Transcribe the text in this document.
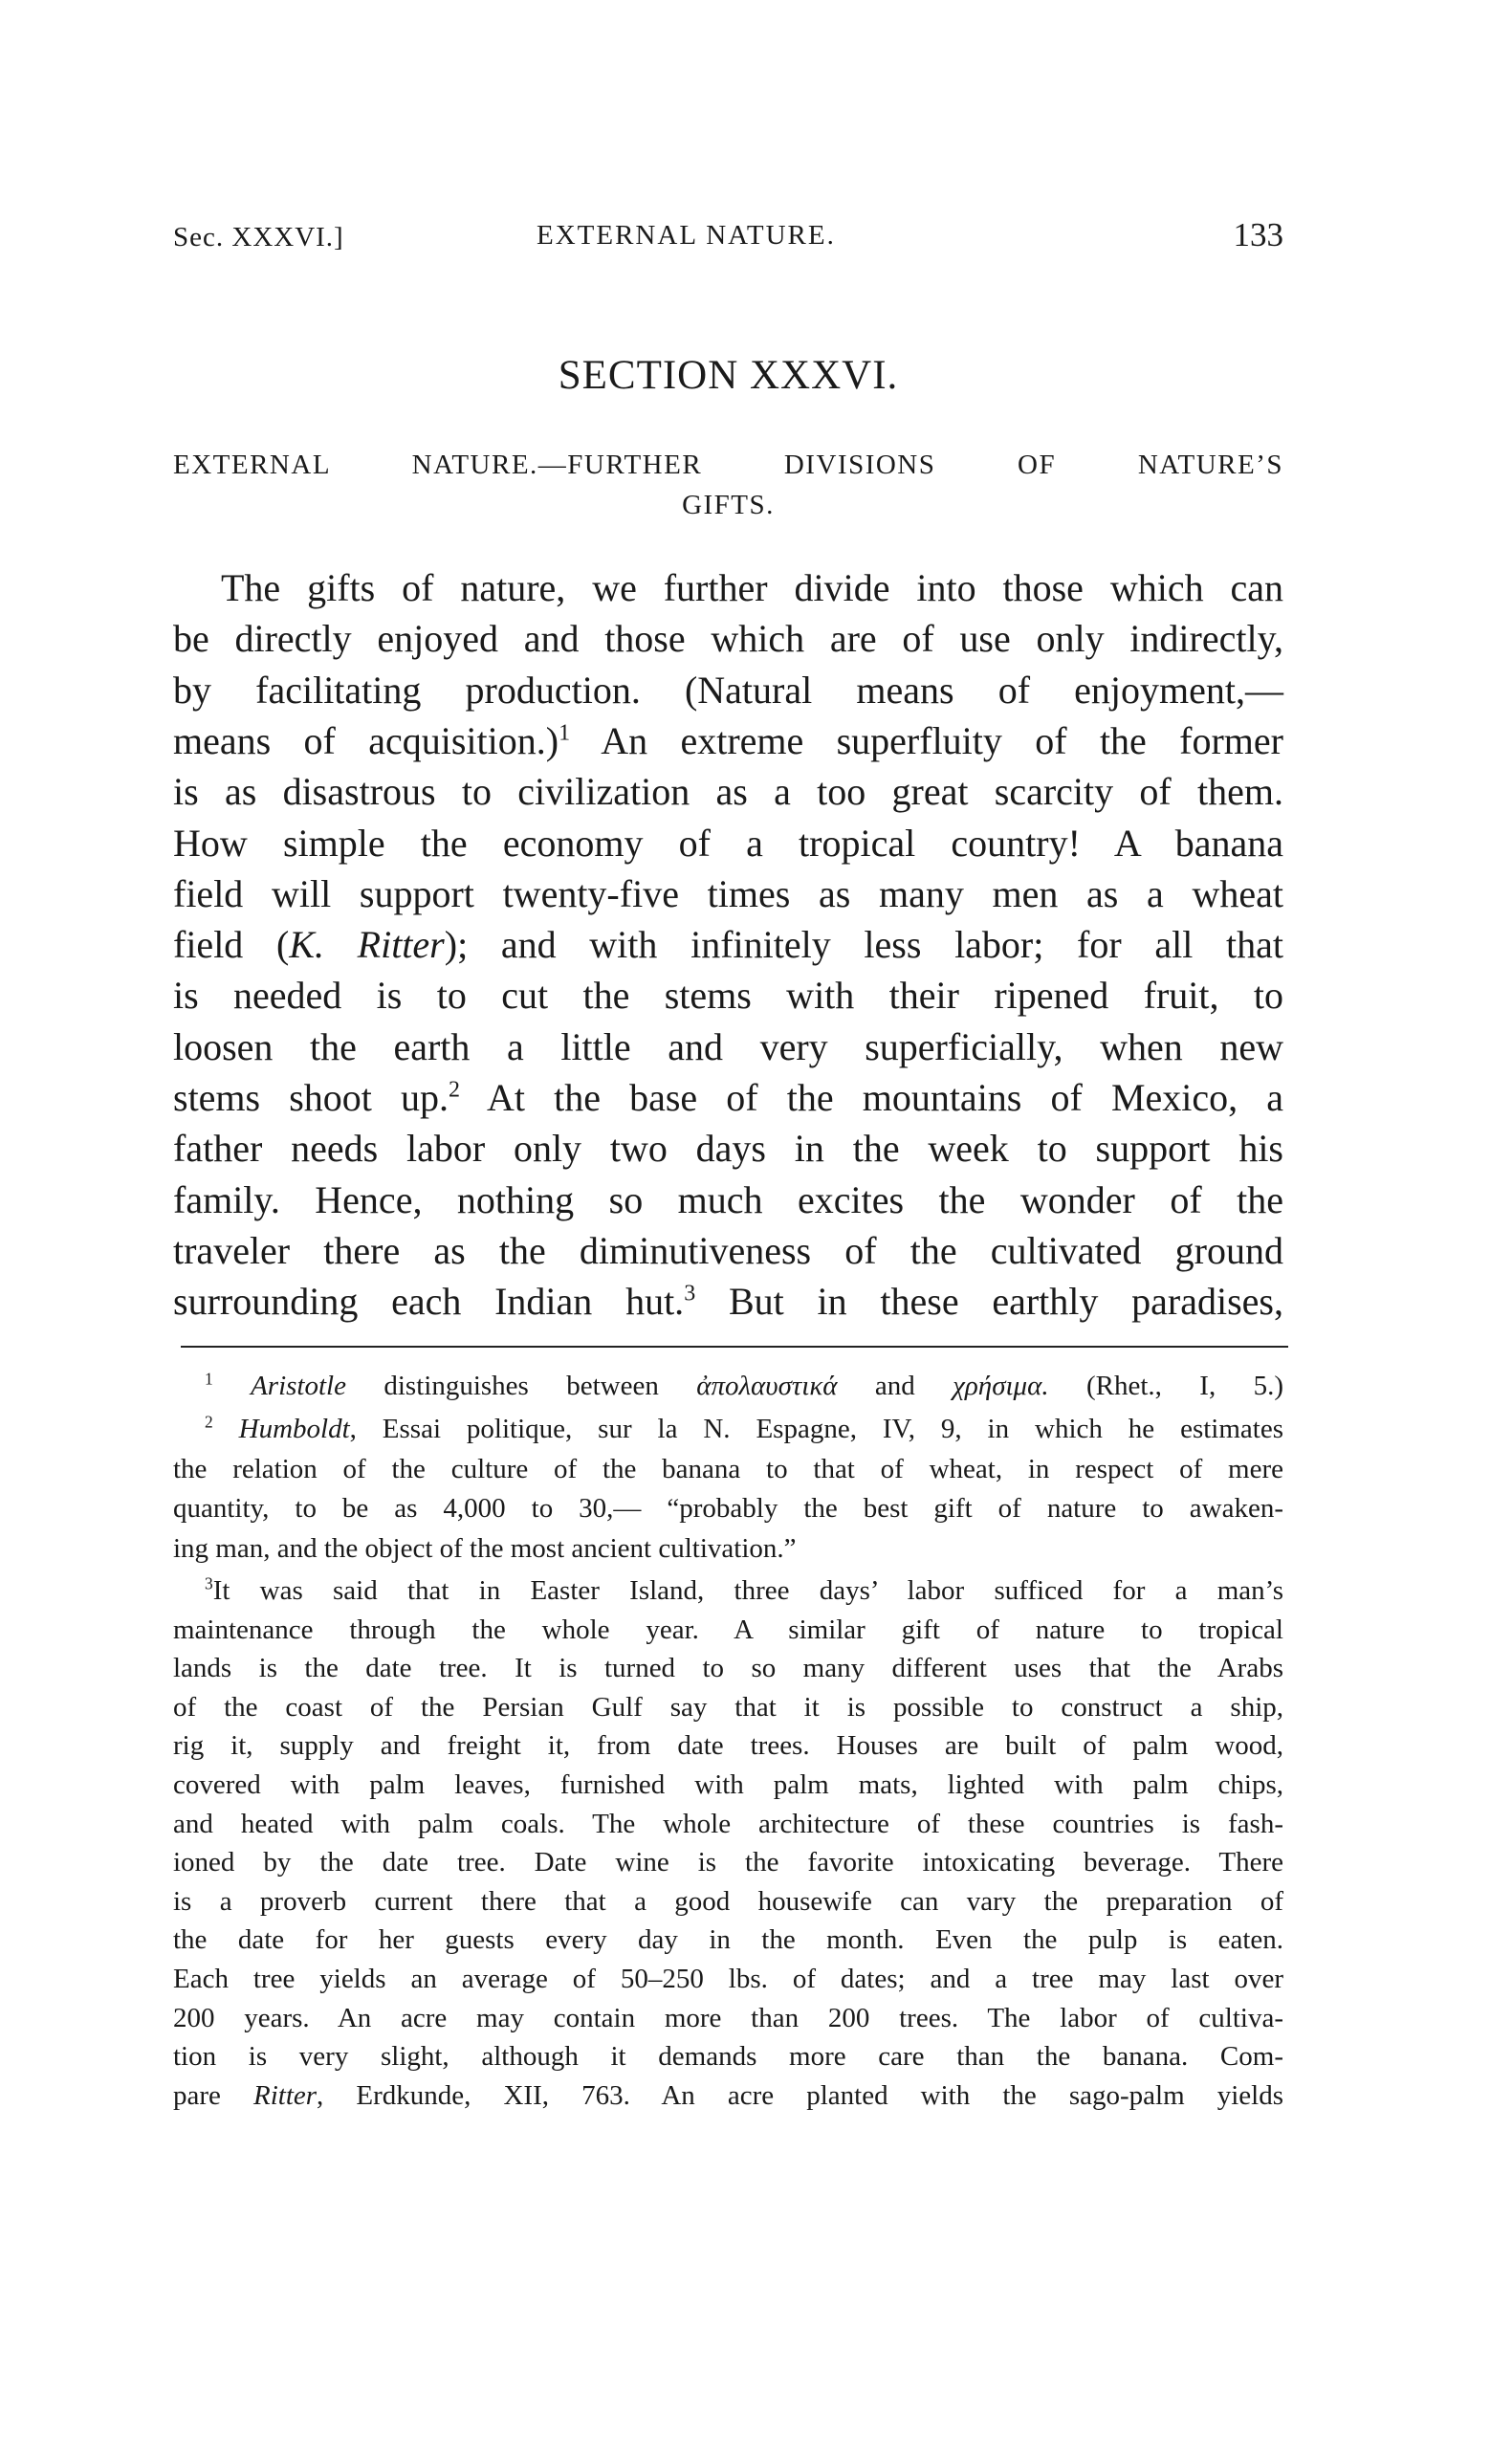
Sec. XXXVI.]	EXTERNAL NATURE.	133
SECTION XXXVI.
EXTERNAL NATURE.—FURTHER DIVISIONS OF NATURE’S
GIFTS.
The gifts of nature, we further divide into those which can
be directly enjoyed and those which are of use only indirectly,
by facilitating production. (Natural means of enjoyment,—
means of acquisition.)$^1$ An extreme superfluity of the former
is as disastrous to civilization as a too great scarcity of them.
How simple the economy of a tropical country! A banana
field will support twenty-five times as many men as a wheat
field (K. Ritter); and with infinitely less labor; for all that
is needed is to cut the stems with their ripened fruit, to
loosen the earth a little and very superficially, when new
stems shoot up.$^2$ At the base of the mountains of Mexico, a
father needs labor only two days in the week to support his
family. Hence, nothing so much excites the wonder of the
traveler there as the diminutiveness of the cultivated ground
surrounding each Indian hut.$^3$ But in these earthly paradises,
$^1$ Aristotle distinguishes between ἀπολαυστικά and χρήσιμα. (Rhet., I, 5.)
$^2$ Humboldt, Essai politique, sur la N. Espagne, IV, 9, in which he estimates
the relation of the culture of the banana to that of wheat, in respect of mere
quantity, to be as 4,000 to 30,— “probably the best gift of nature to awaken-
ing man, and the object of the most ancient cultivation.”
$^3$It was said that in Easter Island, three days’ labor sufficed for a man’s
maintenance through the whole year. A similar gift of nature to tropical
lands is the date tree. It is turned to so many different uses that the Arabs
of the coast of the Persian Gulf say that it is possible to construct a ship,
rig it, supply and freight it, from date trees. Houses are built of palm wood,
covered with palm leaves, furnished with palm mats, lighted with palm chips,
and heated with palm coals. The whole architecture of these countries is fash-
ioned by the date tree. Date wine is the favorite intoxicating beverage. There
is a proverb current there that a good housewife can vary the preparation of
the date for her guests every day in the month. Even the pulp is eaten.
Each tree yields an average of 50–250 lbs. of dates; and a tree may last over
200 years. An acre may contain more than 200 trees. The labor of cultiva-
tion is very slight, although it demands more care than the banana. Com-
pare Ritter, Erdkunde, XII, 763. An acre planted with the sago-palm yields
